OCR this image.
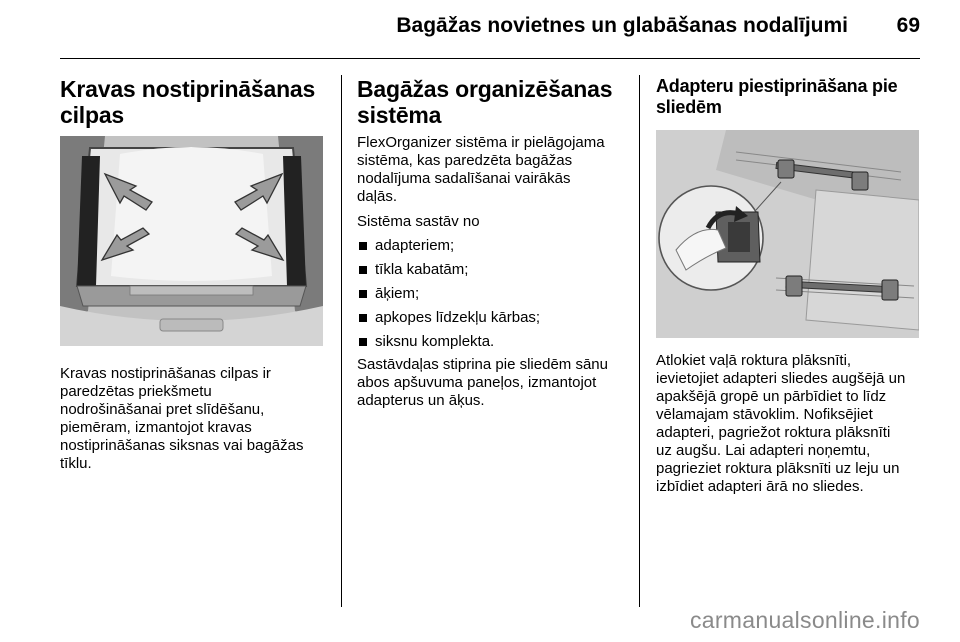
Bagāžas novietnes un glabāšanas nodalījumi 69
Kravas nostiprināšanas
cilpas

Kravas nostiprināšanas cilpas ir
paredzētas priekšmetu
nodrošināšanai pret slīdēšanu,
piemēram, izmantojot kravas
nostiprināšanas siksnas vai bagāžas
tīklu.

Bagāžas organizēšanas
sistēma

FlexOrganizer sistēma ir pielāgojama
sistēma, kas paredzēta bagāžas
nodalījuma sadalīšanai vairākās
daļās.

Sistēma sastāv no

adapteriem;
tīkla kabatām;
āķiem;
apkopes līdzekļu kārbas;
siksnu komplekta.

Sastāvdaļas stiprina pie sliedēm sānu
abos apšuvuma paneļos, izmantojot
adapterus un āķus.

Adapteru piestiprināšana pie
sliedēm

Atlokiet vaļā roktura plāksnīti,
ievietojiet adapteri sliedes augšējā un
apakšējā gropē un pārbīdiet to līdz
vēlamajam stāvoklim. Nofiksējiet
adapteri, pagriežot roktura plāksnīti
uz augšu. Lai adapteri noņemtu,
pagrieziet roktura plāksnīti uz leju un
izbīdiet adapteri ārā no sliedes.

carmanualsonline.info
